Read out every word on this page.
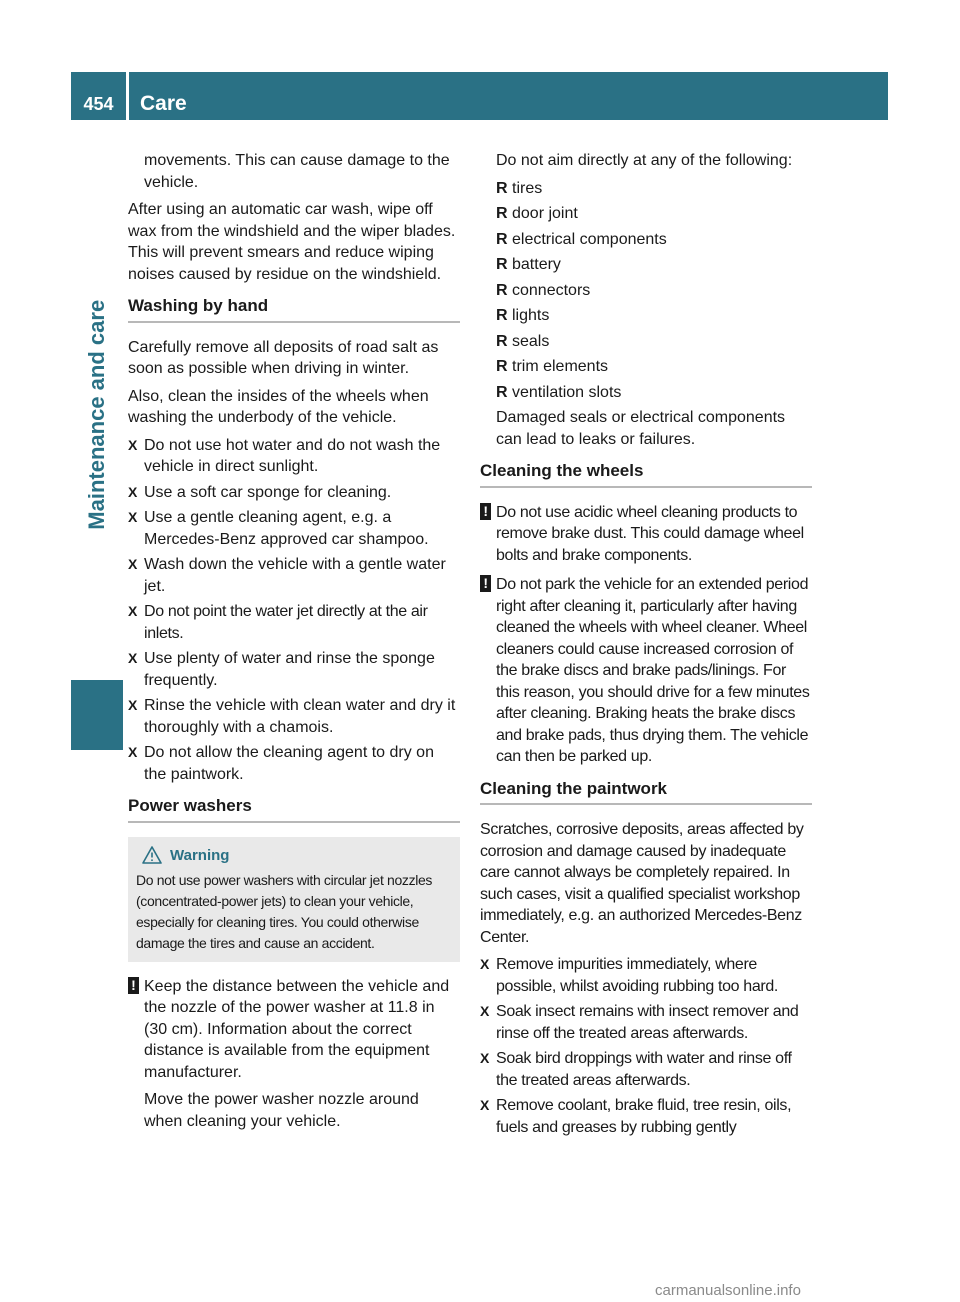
454	Care
Maintenance and care

movements. This can cause damage to the vehicle.

After using an automatic car wash, wipe off wax from the windshield and the wiper blades. This will prevent smears and reduce wiping noises caused by residue on the windshield.

Washing by hand

Carefully remove all deposits of road salt as soon as possible when driving in winter.

Also, clean the insides of the wheels when washing the underbody of the vehicle.

X Do not use hot water and do not wash the vehicle in direct sunlight.
X Use a soft car sponge for cleaning.
X Use a gentle cleaning agent, e.g. a Mercedes-Benz approved car shampoo.
X Wash down the vehicle with a gentle water jet.
X Do not point the water jet directly at the air inlets.
X Use plenty of water and rinse the sponge frequently.
X Rinse the vehicle with clean water and dry it thoroughly with a chamois.
X Do not allow the cleaning agent to dry on the paintwork.
Power washers
Warning
Do not use power washers with circular jet nozzles (concentrated-power jets) to clean your vehicle, especially for cleaning tires. You could otherwise damage the tires and cause an accident.
! Keep the distance between the vehicle and the nozzle of the power washer at 11.8 in (30 cm). Information about the correct distance is available from the equipment manufacturer.

Move the power washer nozzle around when cleaning your vehicle.

Do not aim directly at any of the following:

R tires
R door joint
R electrical components
R battery
R connectors
R lights
R seals
R trim elements
R ventilation slots

Damaged seals or electrical components can lead to leaks or failures.

Cleaning the wheels
! Do not use acidic wheel cleaning products to remove brake dust. This could damage wheel bolts and brake components.

! Do not park the vehicle for an extended period right after cleaning it, particularly after having cleaned the wheels with wheel cleaner. Wheel cleaners could cause increased corrosion of the brake discs and brake pads/linings. For this reason, you should drive for a few minutes after cleaning. Braking heats the brake discs and brake pads, thus drying them. The vehicle can then be parked up.

Cleaning the paintwork

Scratches, corrosive deposits, areas affected by corrosion and damage caused by inadequate care cannot always be completely repaired. In such cases, visit a qualified specialist workshop immediately, e.g. an authorized Mercedes-Benz Center.

X Remove impurities immediately, where possible, whilst avoiding rubbing too hard.
X Soak insect remains with insect remover and rinse off the treated areas afterwards.
X Soak bird droppings with water and rinse off the treated areas afterwards.
X Remove coolant, brake fluid, tree resin, oils, fuels and greases by rubbing gently
carmanualsonline.info
